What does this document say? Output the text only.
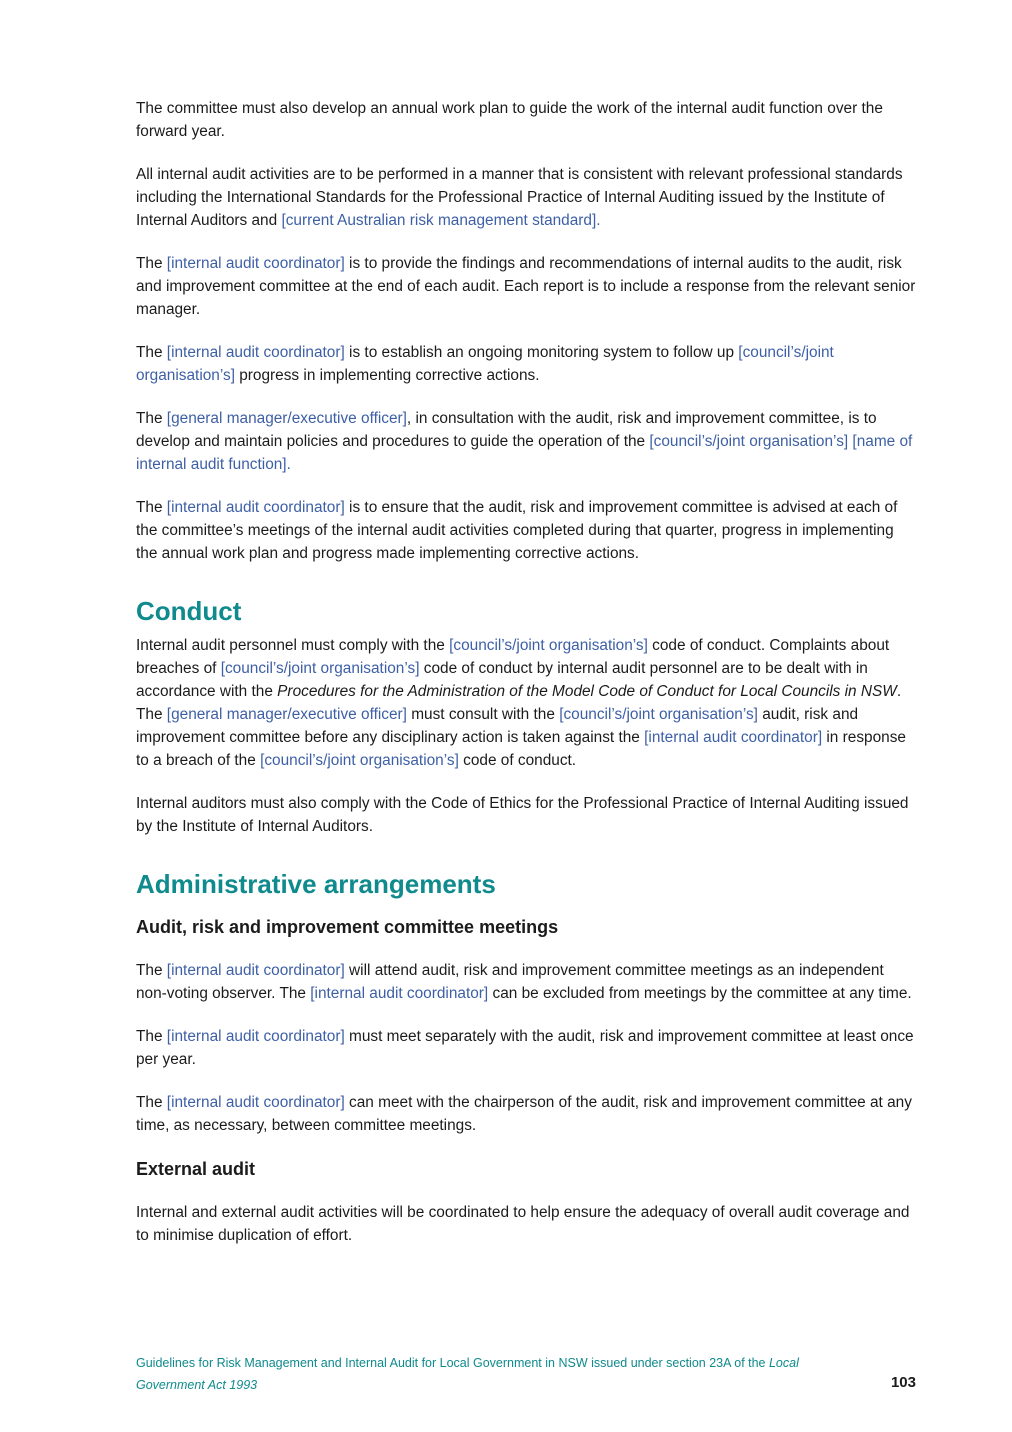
The committee must also develop an annual work plan to guide the work of the internal audit function over the forward year.

All internal audit activities are to be performed in a manner that is consistent with relevant professional standards including the International Standards for the Professional Practice of Internal Auditing issued by the Institute of Internal Auditors and [current Australian risk management standard].

The [internal audit coordinator] is to provide the findings and recommendations of internal audits to the audit, risk and improvement committee at the end of each audit. Each report is to include a response from the relevant senior manager.

The [internal audit coordinator] is to establish an ongoing monitoring system to follow up [council’s/joint organisation’s] progress in implementing corrective actions.

The [general manager/executive officer], in consultation with the audit, risk and improvement committee, is to develop and maintain policies and procedures to guide the operation of the [council’s/joint organisation’s] [name of internal audit function].

The [internal audit coordinator] is to ensure that the audit, risk and improvement committee is advised at each of the committee’s meetings of the internal audit activities completed during that quarter, progress in implementing the annual work plan and progress made implementing corrective actions.

Conduct

Internal audit personnel must comply with the [council’s/joint organisation’s] code of conduct. Complaints about breaches of [council’s/joint organisation’s] code of conduct by internal audit personnel are to be dealt with in accordance with the Procedures for the Administration of the Model Code of Conduct for Local Councils in NSW. The [general manager/executive officer] must consult with the [council’s/joint organisation’s] audit, risk and improvement committee before any disciplinary action is taken against the [internal audit coordinator] in response to a breach of the [council’s/joint organisation’s] code of conduct.

Internal auditors must also comply with the Code of Ethics for the Professional Practice of Internal Auditing issued by the Institute of Internal Auditors.

Administrative arrangements
Audit, risk and improvement committee meetings

The [internal audit coordinator] will attend audit, risk and improvement committee meetings as an independent non-voting observer. The [internal audit coordinator] can be excluded from meetings by the committee at any time.

The [internal audit coordinator] must meet separately with the audit, risk and improvement committee at least once per year.

The [internal audit coordinator] can meet with the chairperson of the audit, risk and improvement committee at any time, as necessary, between committee meetings.

External audit

Internal and external audit activities will be coordinated to help ensure the adequacy of overall audit coverage and to minimise duplication of effort.

Guidelines for Risk Management and Internal Audit for Local Government in NSW issued under section 23A of the Local Government Act 1993	103
